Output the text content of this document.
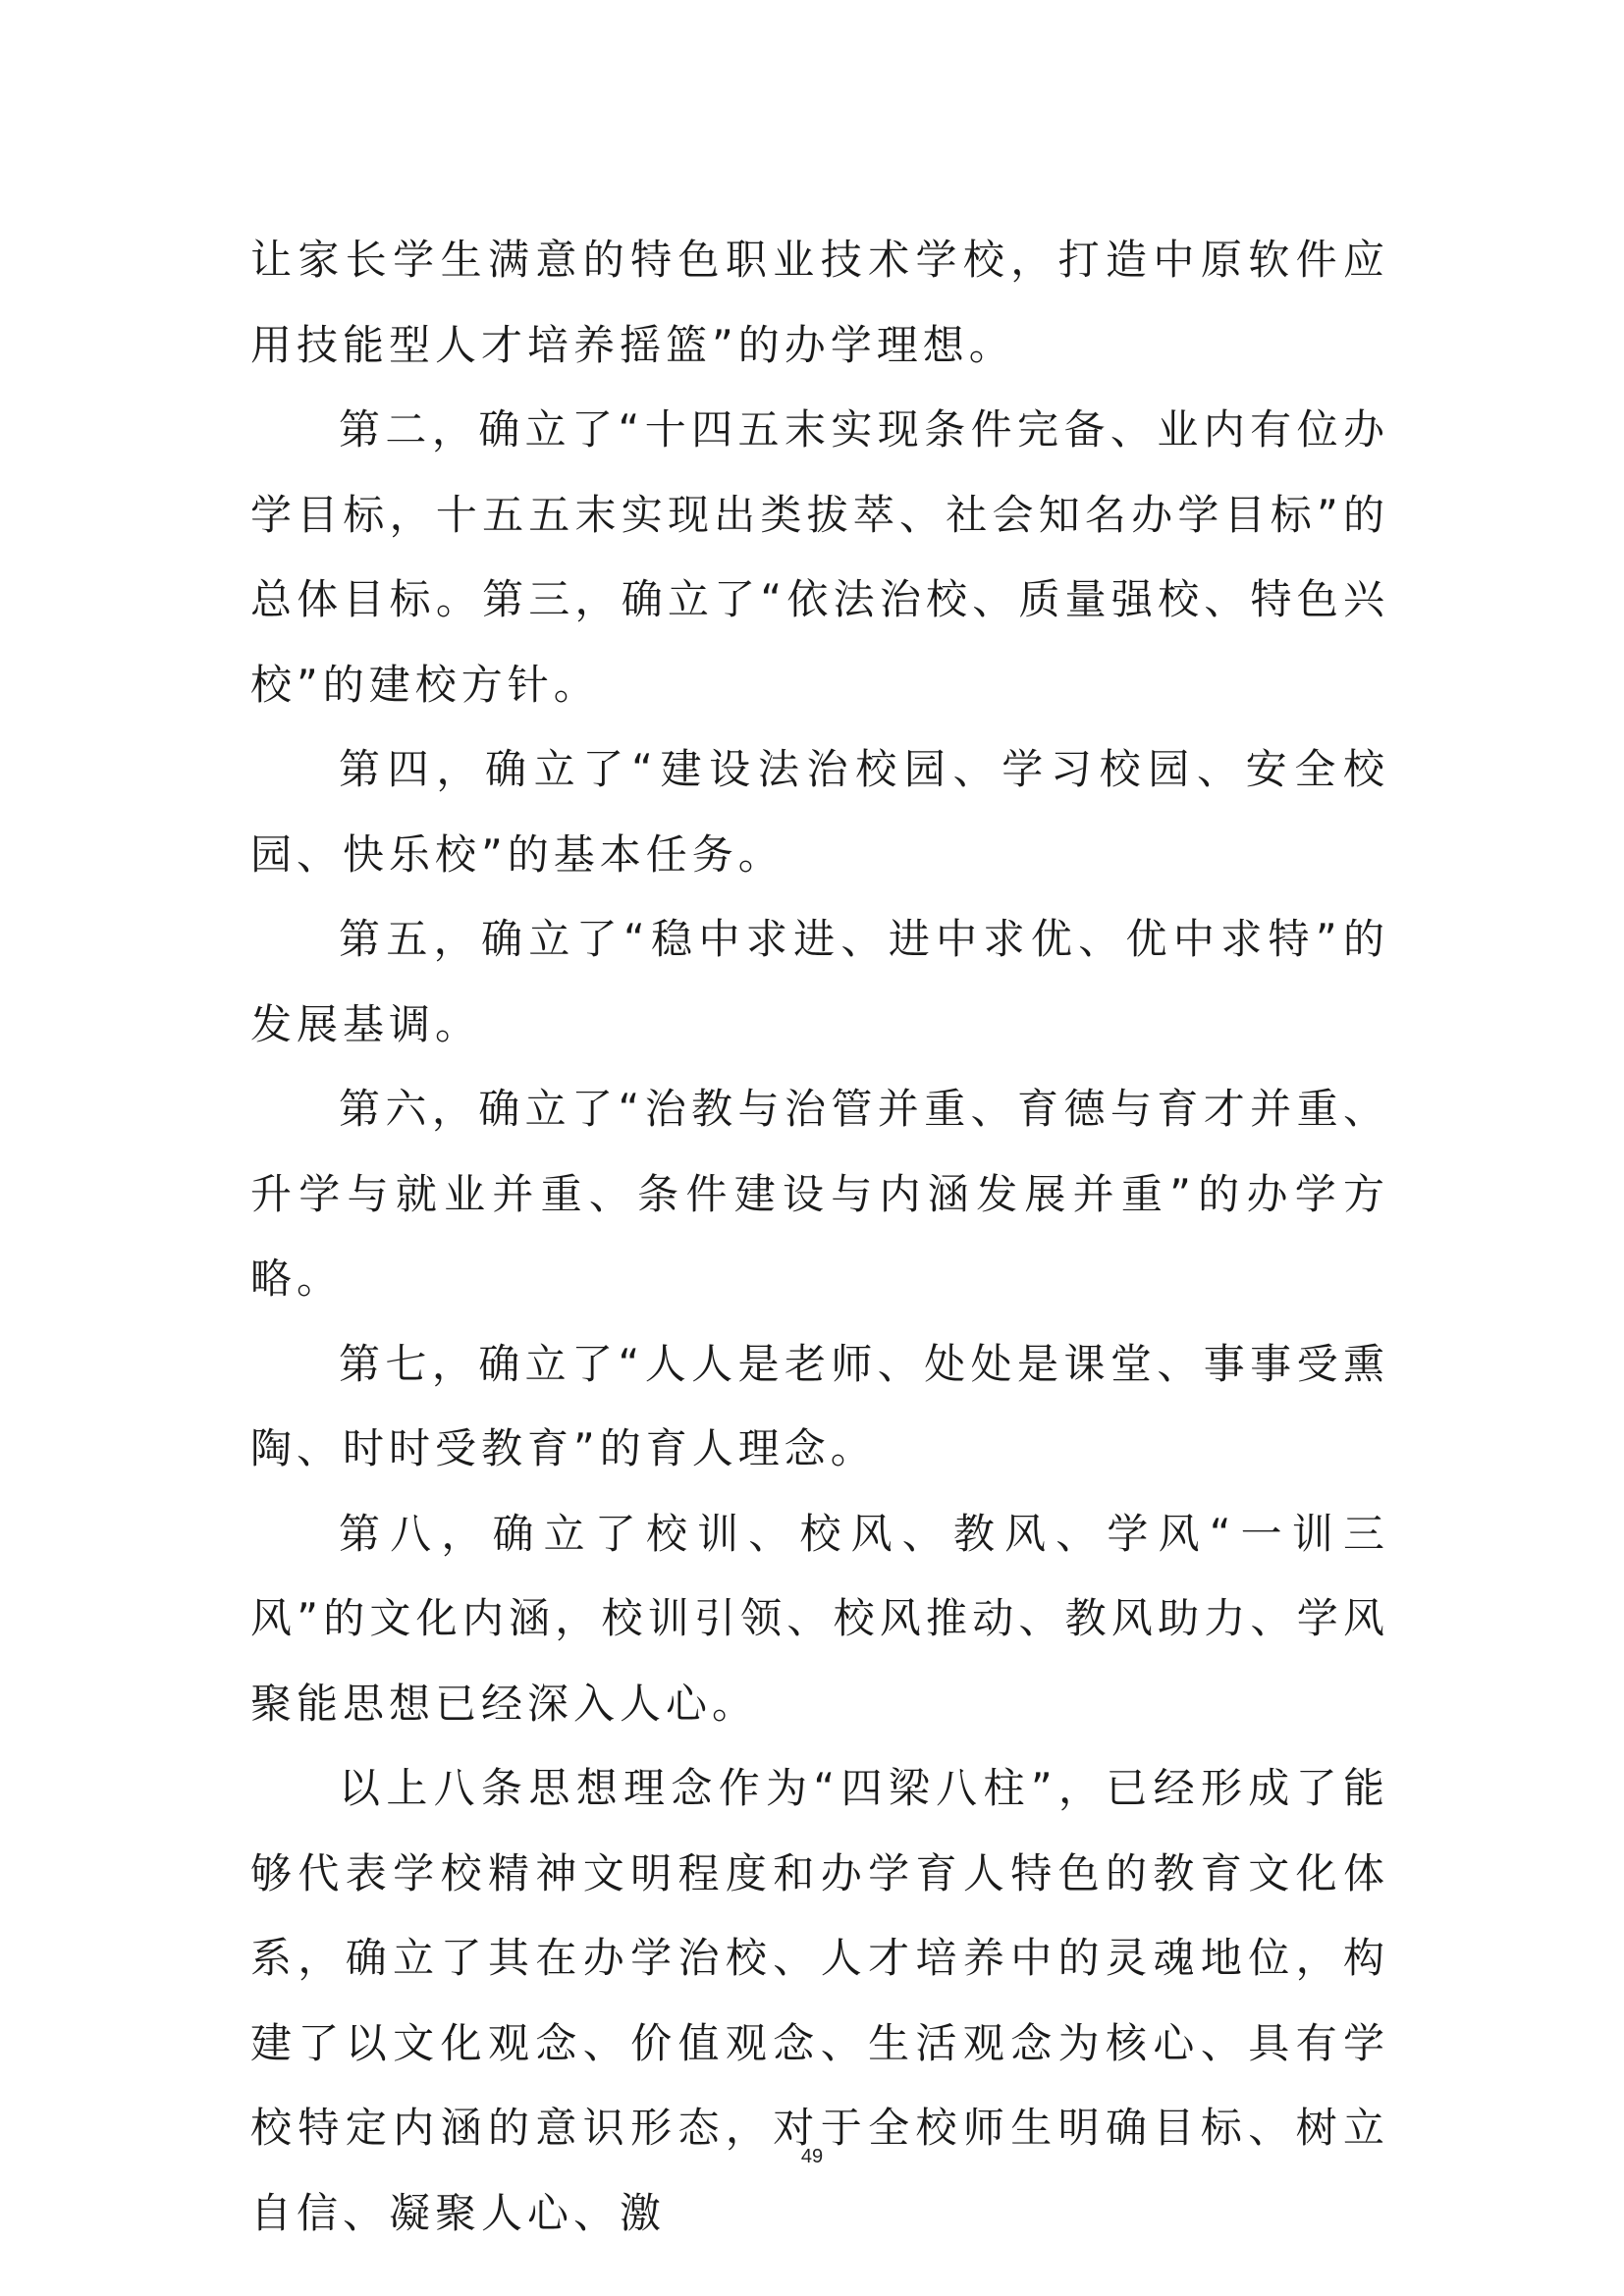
让家长学生满意的特色职业技术学校，打造中原软件应用技能型人才培养摇篮”的办学理想。

第二，确立了“十四五末实现条件完备、业内有位办学目标，十五五末实现出类拔萃、社会知名办学目标”的总体目标。第三，确立了“依法治校、质量强校、特色兴校”的建校方针。

第四，确立了“建设法治校园、学习校园、安全校园、快乐校”的基本任务。

第五，确立了“稳中求进、进中求优、优中求特”的发展基调。

第六，确立了“治教与治管并重、育德与育才并重、升学与就业并重、条件建设与内涵发展并重”的办学方略。

第七，确立了“人人是老师、处处是课堂、事事受熏陶、时时受教育”的育人理念。

第八，确立了校训、校风、教风、学风“一训三风”的文化内涵，校训引领、校风推动、教风助力、学风聚能思想已经深入人心。

以上八条思想理念作为“四梁八柱”，已经形成了能够代表学校精神文明程度和办学育人特色的教育文化体系，确立了其在办学治校、人才培养中的灵魂地位，构建了以文化观念、价值观念、生活观念为核心、具有学校特定内涵的意识形态，对于全校师生明确目标、树立自信、凝聚人心、激

49
